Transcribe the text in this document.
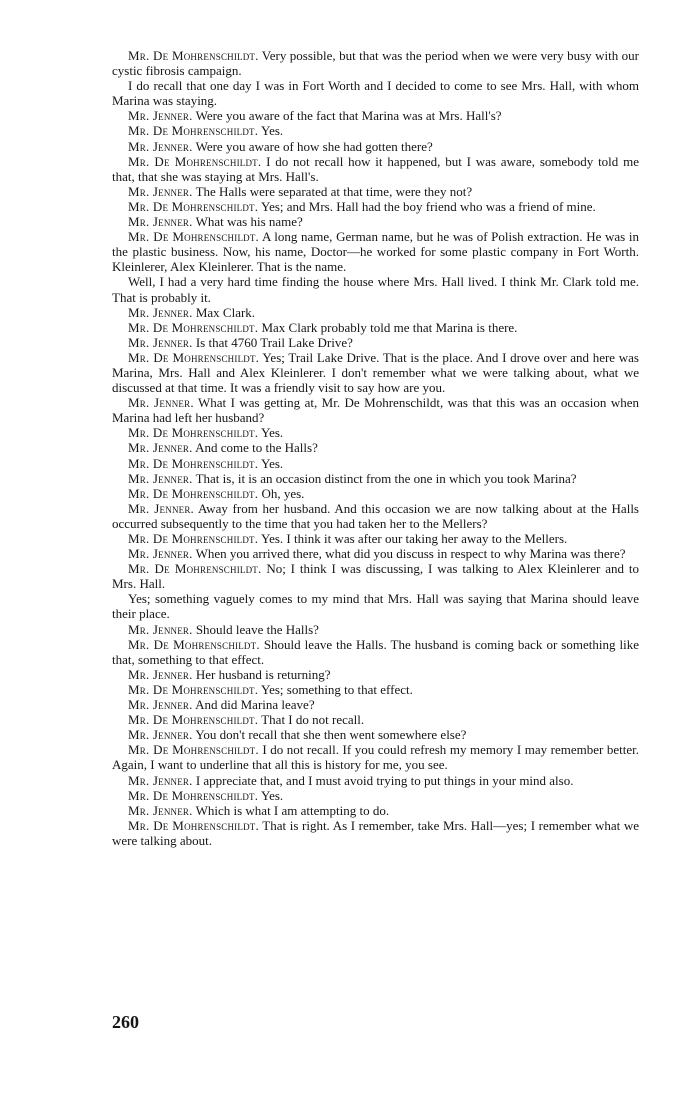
Mr. De Mohrenschildt. Very possible, but that was the period when we were very busy with our cystic fibrosis campaign.

I do recall that one day I was in Fort Worth and I decided to come to see Mrs. Hall, with whom Marina was staying.

Mr. Jenner. Were you aware of the fact that Marina was at Mrs. Hall's?

Mr. De Mohrenschildt. Yes.

Mr. Jenner. Were you aware of how she had gotten there?

Mr. De Mohrenschildt. I do not recall how it happened, but I was aware, somebody told me that, that she was staying at Mrs. Hall's.

Mr. Jenner. The Halls were separated at that time, were they not?

Mr. De Mohrenschildt. Yes; and Mrs. Hall had the boy friend who was a friend of mine.

Mr. Jenner. What was his name?

Mr. De Mohrenschildt. A long name, German name, but he was of Polish extraction. He was in the plastic business. Now, his name, Doctor—he worked for some plastic company in Fort Worth. Kleinlerer, Alex Kleinlerer. That is the name.

Well, I had a very hard time finding the house where Mrs. Hall lived. I think Mr. Clark told me. That is probably it.

Mr. Jenner. Max Clark.

Mr. De Mohrenschildt. Max Clark probably told me that Marina is there.

Mr. Jenner. Is that 4760 Trail Lake Drive?

Mr. De Mohrenschildt. Yes; Trail Lake Drive. That is the place. And I drove over and here was Marina, Mrs. Hall and Alex Kleinlerer. I don't remember what we were talking about, what we discussed at that time. It was a friendly visit to say how are you.

Mr. Jenner. What I was getting at, Mr. De Mohrenschildt, was that this was an occasion when Marina had left her husband?

Mr. De Mohrenschildt. Yes.

Mr. Jenner. And come to the Halls?

Mr. De Mohrenschildt. Yes.

Mr. Jenner. That is, it is an occasion distinct from the one in which you took Marina?

Mr. De Mohrenschildt. Oh, yes.

Mr. Jenner. Away from her husband. And this occasion we are now talking about at the Halls occurred subsequently to the time that you had taken her to the Mellers?

Mr. De Mohrenschildt. Yes. I think it was after our taking her away to the Mellers.

Mr. Jenner. When you arrived there, what did you discuss in respect to why Marina was there?

Mr. De Mohrenschildt. No; I think I was discussing, I was talking to Alex Kleinlerer and to Mrs. Hall.

Yes; something vaguely comes to my mind that Mrs. Hall was saying that Marina should leave their place.

Mr. Jenner. Should leave the Halls?

Mr. De Mohrenschildt. Should leave the Halls. The husband is coming back or something like that, something to that effect.

Mr. Jenner. Her husband is returning?

Mr. De Mohrenschildt. Yes; something to that effect.

Mr. Jenner. And did Marina leave?

Mr. De Mohrenschildt. That I do not recall.

Mr. Jenner. You don't recall that she then went somewhere else?

Mr. De Mohrenschildt. I do not recall. If you could refresh my memory I may remember better. Again, I want to underline that all this is history for me, you see.

Mr. Jenner. I appreciate that, and I must avoid trying to put things in your mind also.

Mr. De Mohrenschildt. Yes.

Mr. Jenner. Which is what I am attempting to do.

Mr. De Mohrenschildt. That is right. As I remember, take Mrs. Hall—yes; I remember what we were talking about.

260
